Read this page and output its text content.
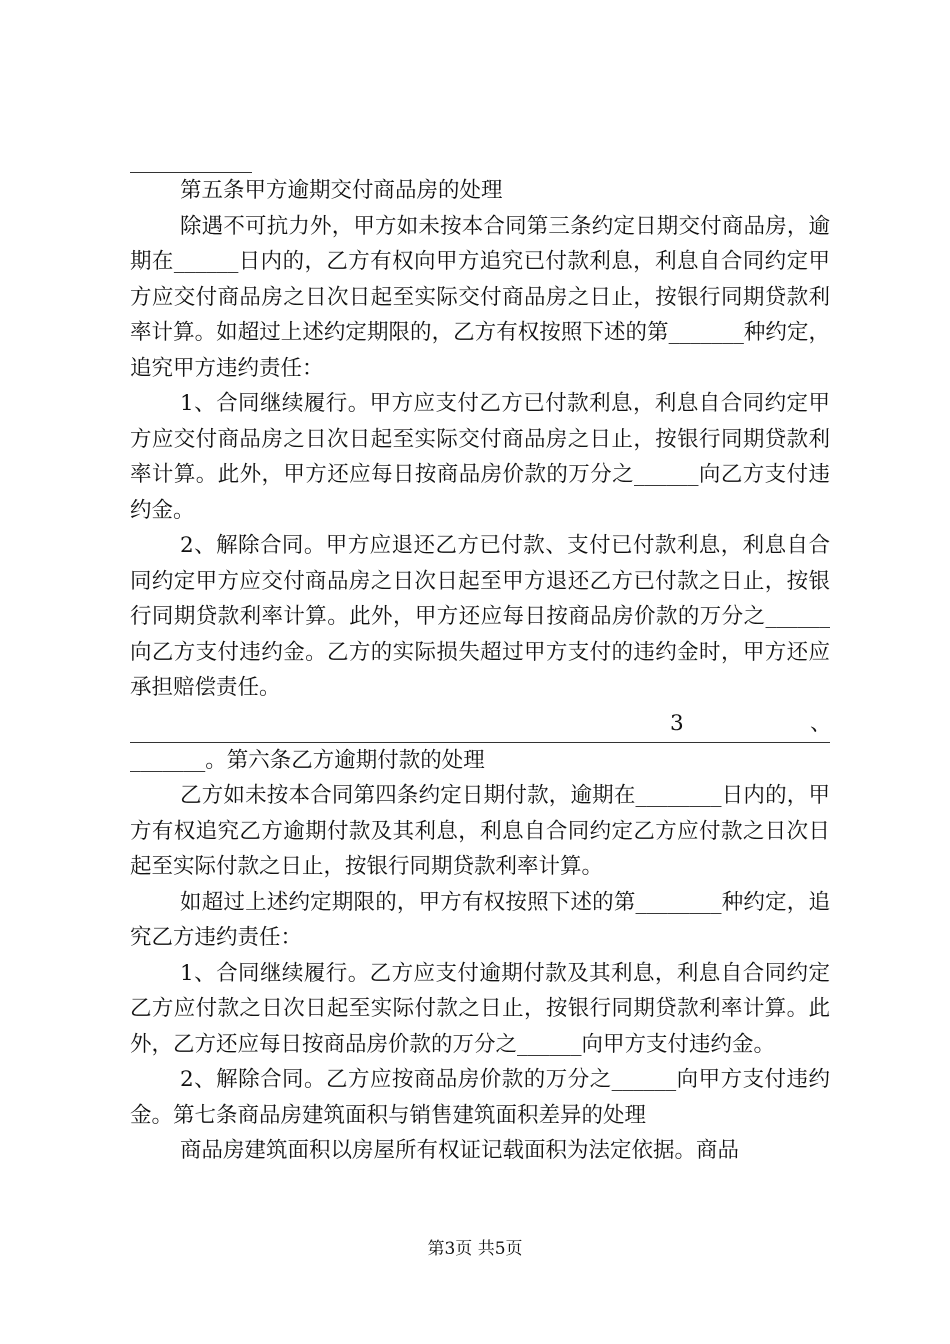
第五条甲方逾期交付商品房的处理

除遇不可抗力外，甲方如未按本合同第三条约定日期交付商品房，逾期在______日内的，乙方有权向甲方追究已付款利息，利息自合同约定甲方应交付商品房之日次日起至实际交付商品房之日止，按银行同期贷款利率计算。如超过上述约定期限的，乙方有权按照下述的第_______种约定，追究甲方违约责任：

1、合同继续履行。甲方应支付乙方已付款利息，利息自合同约定甲方应交付商品房之日次日起至实际交付商品房之日止，按银行同期贷款利率计算。此外，甲方还应每日按商品房价款的万分之______向乙方支付违约金。

2、解除合同。甲方应退还乙方已付款、支付已付款利息，利息自合同约定甲方应交付商品房之日次日起至甲方退还乙方已付款之日止，按银行同期贷款利率计算。此外，甲方还应每日按商品房价款的万分之______向乙方支付违约金。乙方的实际损失超过甲方支付的违约金时，甲方还应承担赔偿责任。

3	、

_______。第六条乙方逾期付款的处理

乙方如未按本合同第四条约定日期付款，逾期在________日内的，甲方有权追究乙方逾期付款及其利息，利息自合同约定乙方应付款之日次日起至实际付款之日止，按银行同期贷款利率计算。

如超过上述约定期限的，甲方有权按照下述的第________种约定，追究乙方违约责任：

1、合同继续履行。乙方应支付逾期付款及其利息，利息自合同约定乙方应付款之日次日起至实际付款之日止，按银行同期贷款利率计算。此外，乙方还应每日按商品房价款的万分之______向甲方支付违约金。

2、解除合同。乙方应按商品房价款的万分之______向甲方支付违约金。第七条商品房建筑面积与销售建筑面积差异的处理

商品房建筑面积以房屋所有权证记载面积为法定依据。商品

第3页 共5页
